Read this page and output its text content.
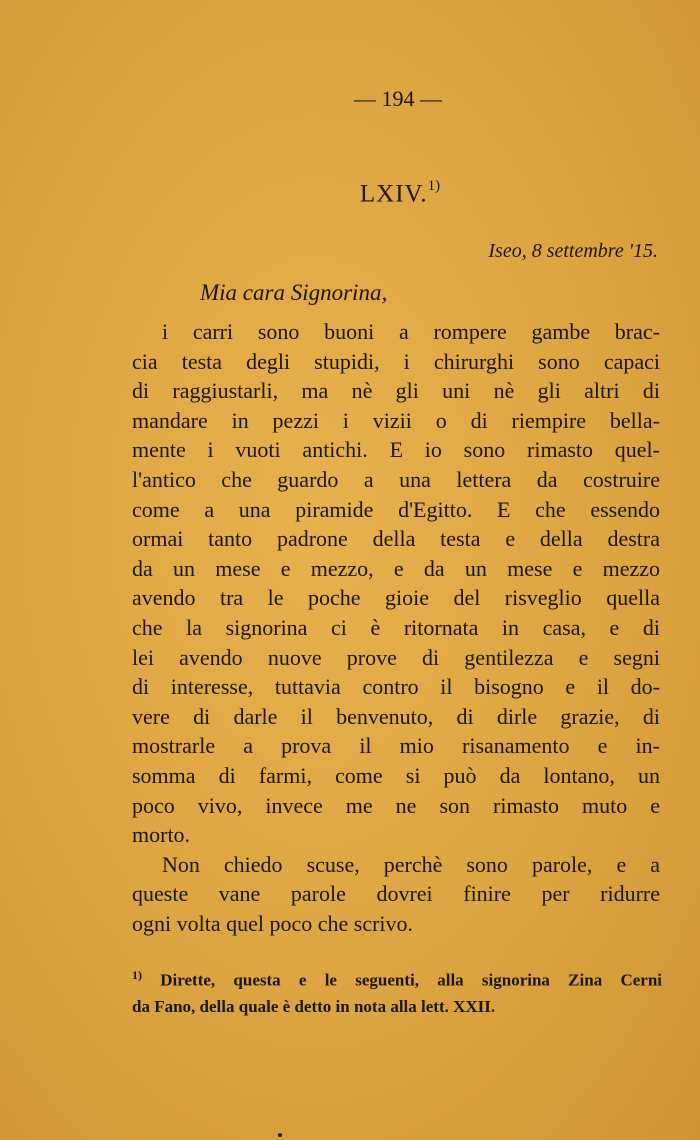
— 194 —
LXIV.$^{1)}$
Iseo, 8 settembre '15.
Mia cara Signorina,
i carri sono buoni a rompere gambe brac-
cia testa degli stupidi, i chirurghi sono capaci
di raggiustarli, ma nè gli uni nè gli altri di
mandare in pezzi i vizii o di riempire bella-
mente i vuoti antichi. E io sono rimasto quel-
l'antico che guardo a una lettera da costruire
come a una piramide d'Egitto. E che essendo
ormai tanto padrone della testa e della destra
da un mese e mezzo, e da un mese e mezzo
avendo tra le poche gioie del risveglio quella
che la signorina ci è ritornata in casa, e di
lei avendo nuove prove di gentilezza e segni
di interesse, tuttavia contro il bisogno e il do-
vere di darle il benvenuto, di dirle grazie, di
mostrarle a prova il mio risanamento e in-
somma di farmi, come si può da lontano, un
poco vivo, invece me ne son rimasto muto e
morto.
Non chiedo scuse, perchè sono parole, e a
queste vane parole dovrei finire per ridurre
ogni volta quel poco che scrivo.
$^{1)}$ Dirette, questa e le seguenti, alla signorina Zina Cerni
da Fano, della quale è detto in nota alla lett. XXII.
